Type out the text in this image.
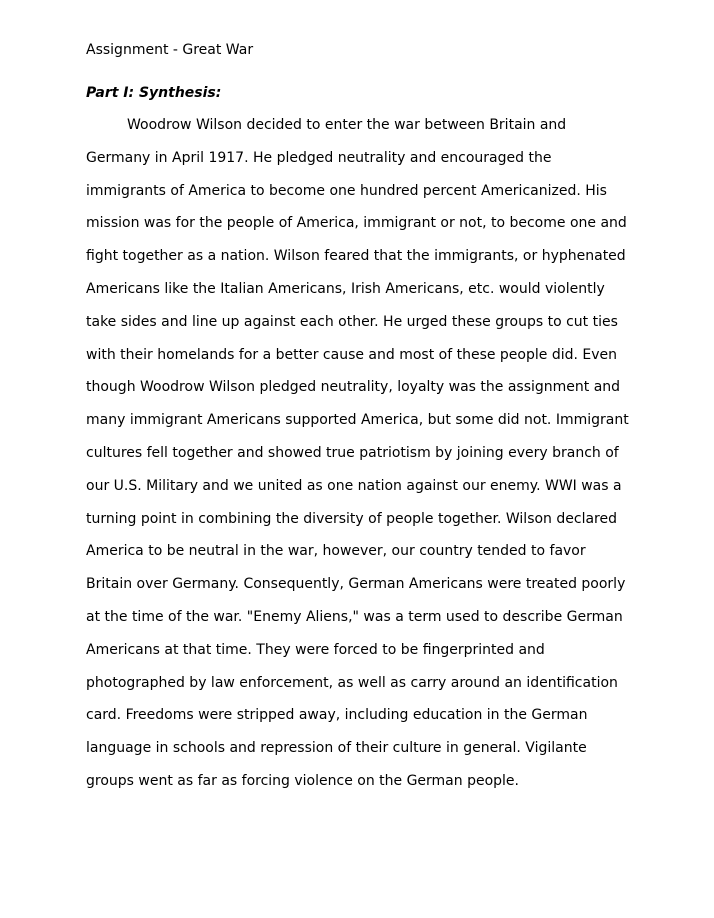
Assignment - Great War
Part I: Synthesis:
Woodrow Wilson decided to enter the war between Britain and
Germany in April 1917. He pledged neutrality and encouraged the
immigrants of America to become one hundred percent Americanized. His
mission was for the people of America, immigrant or not, to become one and
fight together as a nation. Wilson feared that the immigrants, or hyphenated
Americans like the Italian Americans, Irish Americans, etc. would violently
take sides and line up against each other. He urged these groups to cut ties
with their homelands for a better cause and most of these people did. Even
though Woodrow Wilson pledged neutrality, loyalty was the assignment and
many immigrant Americans supported America, but some did not. Immigrant
cultures fell together and showed true patriotism by joining every branch of
our U.S. Military and we united as one nation against our enemy. WWI was a
turning point in combining the diversity of people together. Wilson declared
America to be neutral in the war, however, our country tended to favor
Britain over Germany. Consequently, German Americans were treated poorly
at the time of the war. "Enemy Aliens," was a term used to describe German
Americans at that time. They were forced to be fingerprinted and
photographed by law enforcement, as well as carry around an identification
card. Freedoms were stripped away, including education in the German
language in schools and repression of their culture in general. Vigilante
groups went as far as forcing violence on the German people.
